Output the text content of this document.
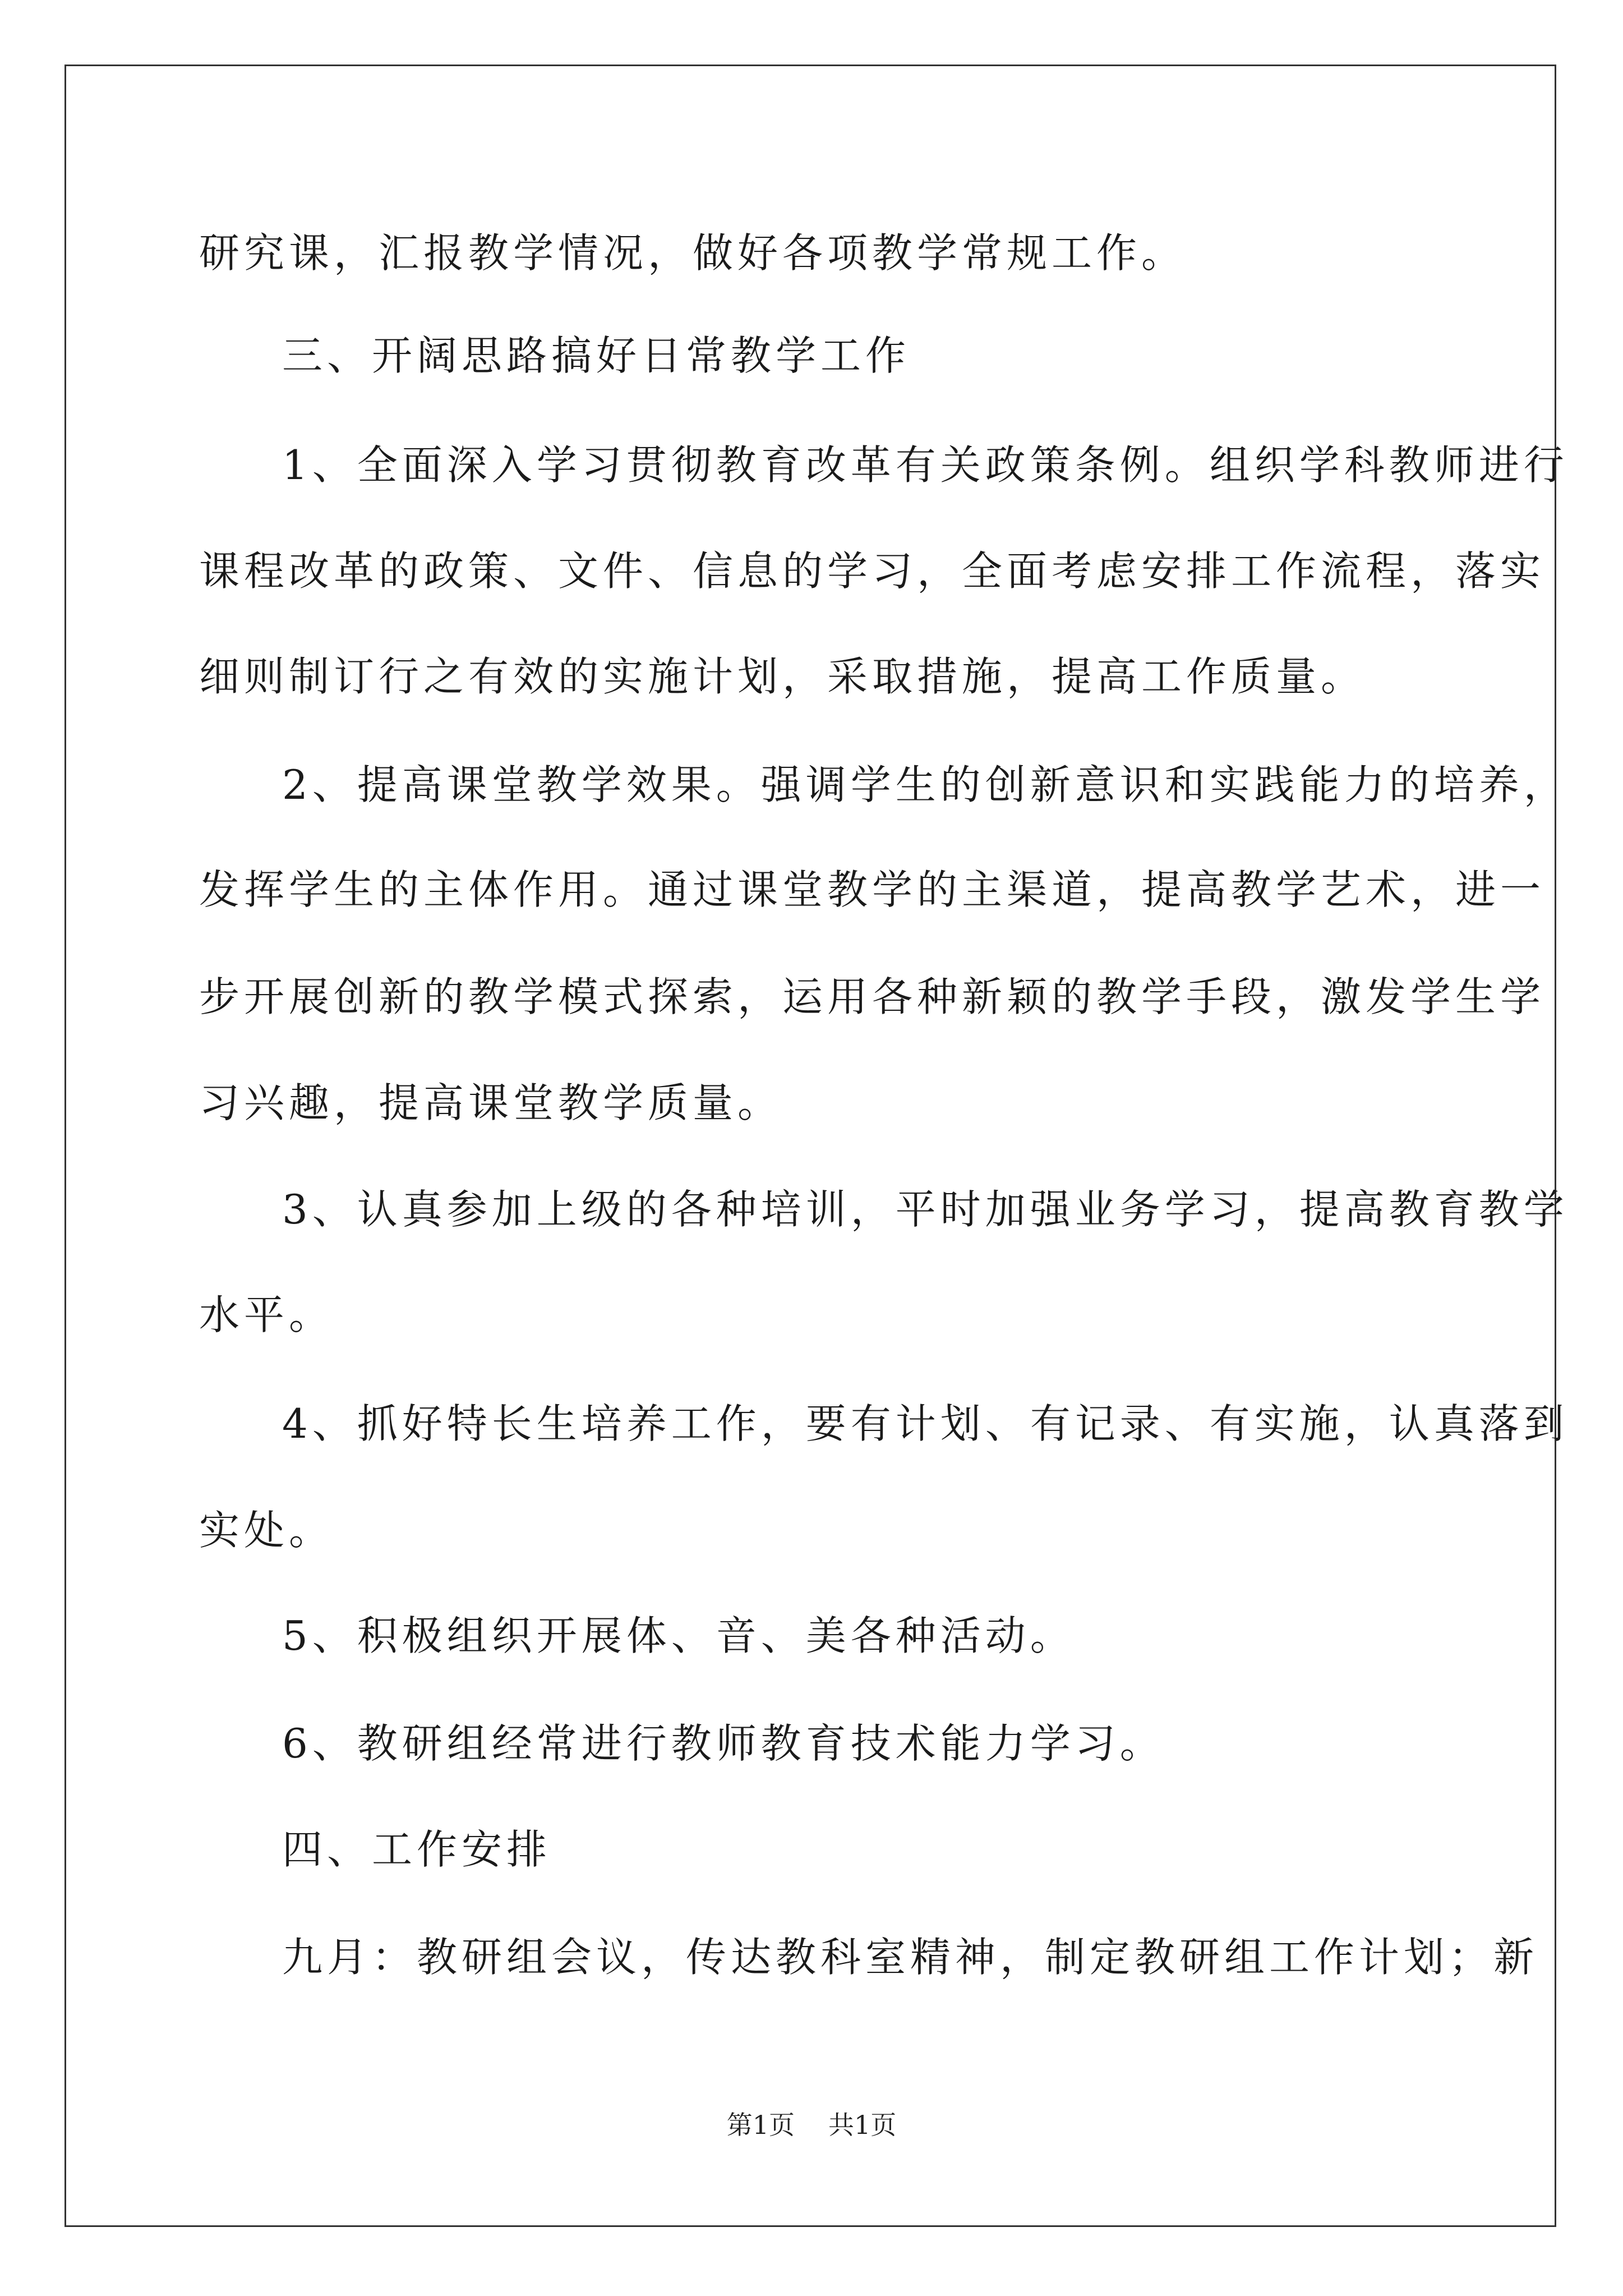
研究课，汇报教学情况，做好各项教学常规工作。
三、开阔思路搞好日常教学工作
1、全面深入学习贯彻教育改革有关政策条例。组织学科教师进行
课程改革的政策、文件、信息的学习，全面考虑安排工作流程，落实
细则制订行之有效的实施计划，采取措施，提高工作质量。
2、提高课堂教学效果。强调学生的创新意识和实践能力的培养，
发挥学生的主体作用。通过课堂教学的主渠道，提高教学艺术，进一
步开展创新的教学模式探索，运用各种新颖的教学手段，激发学生学
习兴趣，提高课堂教学质量。
3、认真参加上级的各种培训，平时加强业务学习，提高教育教学
水平。
4、抓好特长生培养工作，要有计划、有记录、有实施，认真落到
实处。
5、积极组织开展体、音、美各种活动。
6、教研组经常进行教师教育技术能力学习。
四、工作安排
九月：教研组会议，传达教科室精神，制定教研组工作计划；新
第1页 共1页
